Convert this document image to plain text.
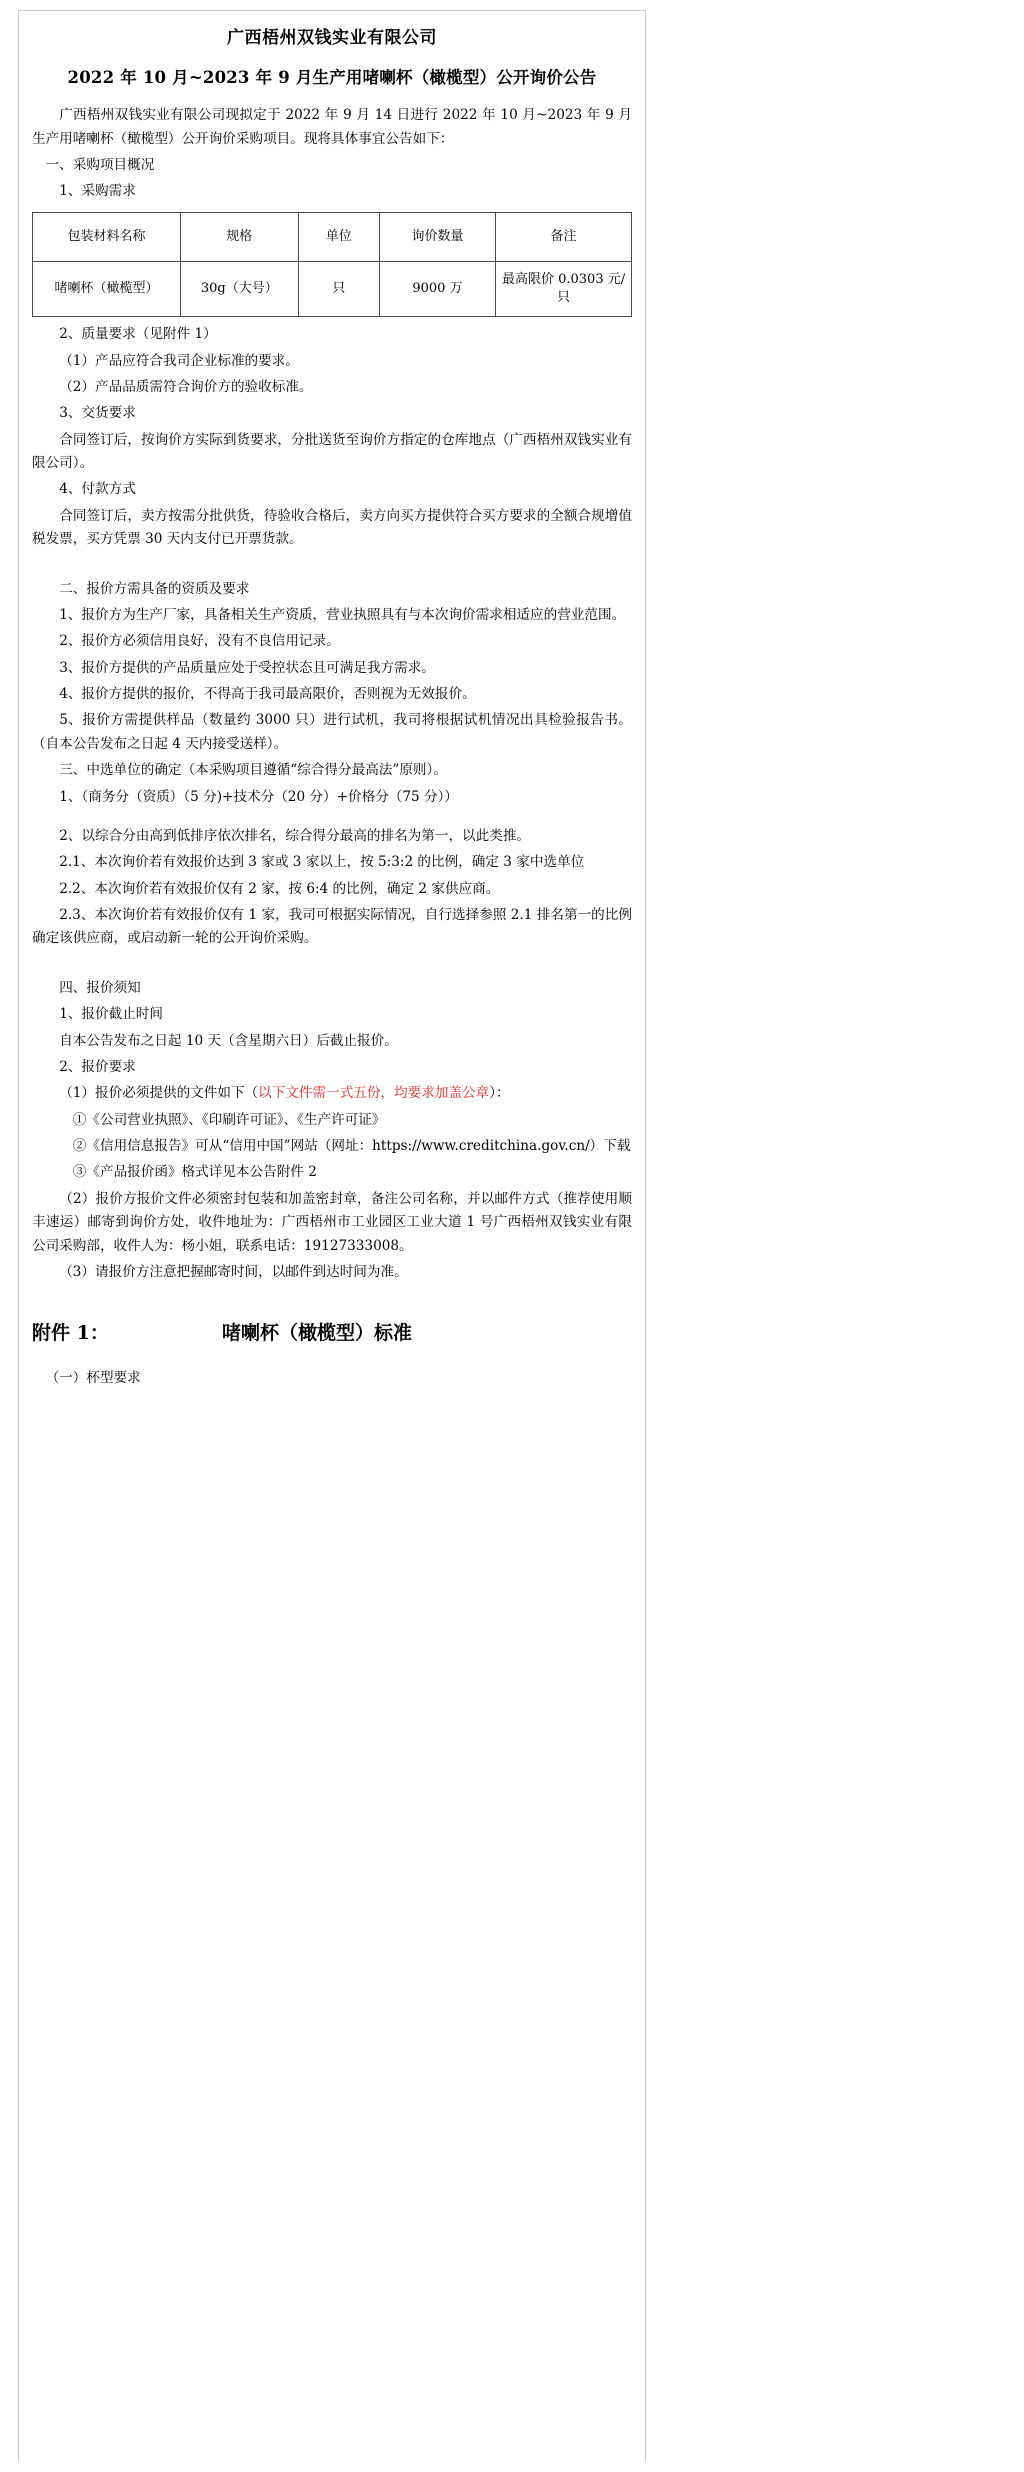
广西梧州双钱实业有限公司
2022 年 10 月~2023 年 9 月生产用啫喇杯（橄榄型）公开询价公告

广西梧州双钱实业有限公司现拟定于 2022 年 9 月 14 日进行 2022 年 10 月~2023 年 9 月生产用啫喇杯（橄榄型）公开询价采购项目。现将具体事宜公告如下：

一、采购项目概况

1、采购需求

包装材料名称	规格	单位	询价数量	备注
啫喇杯（橄榄型）	30g（大号）	只	9000 万	最高限价 0.0303 元/只

2、质量要求（见附件 1）

（1）产品应符合我司企业标准的要求。

（2）产品品质需符合询价方的验收标准。

3、交货要求

合同签订后，按询价方实际到货要求，分批送货至询价方指定的仓库地点（广西梧州双钱实业有限公司）。

4、付款方式

合同签订后，卖方按需分批供货，待验收合格后，卖方向买方提供符合买方要求的全额合规增值税发票，买方凭票 30 天内支付已开票货款。

二、报价方需具备的资质及要求

1、报价方为生产厂家，具备相关生产资质，营业执照具有与本次询价需求相适应的营业范围。

2、报价方必须信用良好，没有不良信用记录。

3、报价方提供的产品质量应处于受控状态且可满足我方需求。

4、报价方提供的报价，不得高于我司最高限价，否则视为无效报价。

5、报价方需提供样品（数量约 3000 只）进行试机，我司将根据试机情况出具检验报告书。（自本公告发布之日起 4 天内接受送样）。

三、中选单位的确定（本采购项目遵循“综合得分最高法”原则）。

1、（商务分（资质）（5 分)+技术分（20 分）+价格分（75 分））

2、以综合分由高到低排序依次排名，综合得分最高的排名为第一，以此类推。

2.1、本次询价若有效报价达到 3 家或 3 家以上，按 5:3:2 的比例，确定 3 家中选单位

2.2、本次询价若有效报价仅有 2 家，按 6:4 的比例，确定 2 家供应商。

2.3、本次询价若有效报价仅有 1 家，我司可根据实际情况，自行选择参照 2.1 排名第一的比例确定该供应商，或启动新一轮的公开询价采购。

四、报价须知

1、报价截止时间

自本公告发布之日起 10 天（含星期六日）后截止报价。

2、报价要求

（1）报价必须提供的文件如下（以下文件需一式五份，均要求加盖公章）：

①《公司营业执照》、《印刷许可证》、《生产许可证》

②《信用信息报告》可从“信用中国”网站（网址：https://www.creditchina.gov.cn/）下载

③《产品报价函》格式详见本公告附件 2

（2）报价方报价文件必须密封包装和加盖密封章，备注公司名称，并以邮件方式（推荐使用顺丰速运）邮寄到询价方处，收件地址为：广西梧州市工业园区工业大道 1 号广西梧州双钱实业有限公司采购部，收件人为：杨小姐，联系电话：19127333008。

（3）请报价方注意把握邮寄时间，以邮件到达时间为准。

附件 1：	啫喇杯（橄榄型）标准

（一）杯型要求
